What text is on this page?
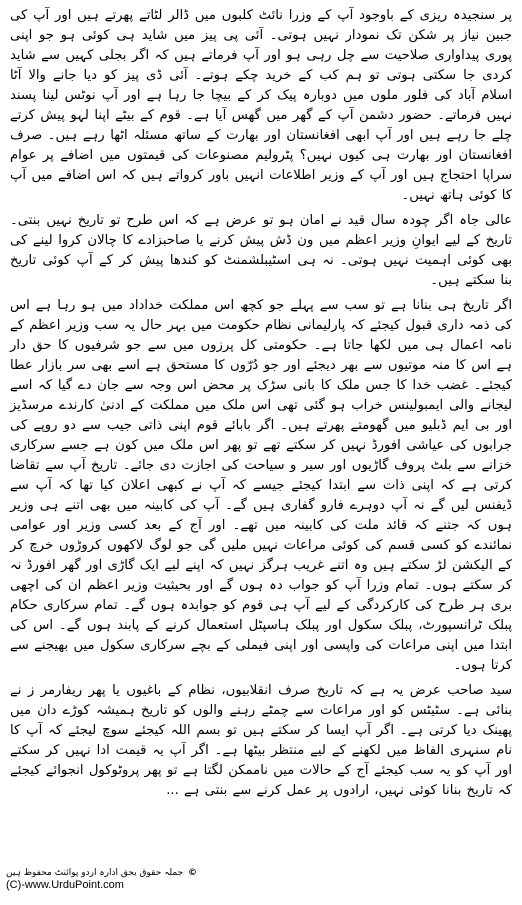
پر سنجیدہ ریزی کے باوجود آپ کے وزرا نائٹ کلبوں میں ڈالر لٹاتے پھرتے ہیں اور آپ کی جبین نیاز پر شکن تک نمودار نہیں ہوتی۔ آئی پی پیز میں شاید ہی کوئی ہو جو اپنی پوری پیداواری صلاحیت سے چل رہی ہو اور آپ فرماتے ہیں کہ اگر بجلی کہیں سے شاید کردی جا سکتی ہوتی تو ہم کب کے خرید چکے ہوتے۔ آئی ڈی پیز کو دیا جانے والا آٹا اسلام آباد کی فلور ملوں میں دوبارہ پیک کر کے بیچا جا رہا ہے اور آپ نوٹس لینا پسند نہیں فرماتے۔ حضور دشمن آپ کے گھر میں گھس آیا ہے۔ قوم کے بیٹے اپنا لہو پیش کرتے چلے جا رہے ہیں اور آپ ابھی افغانستان اور بھارت کے ساتھ مسئلہ اٹھا رہے ہیں۔ صرف افغانستان اور بھارت ہی کیوں نہیں؟ پٹرولیم مصنوعات کی قیمتوں میں اضافے پر عوام سراپا احتجاج ہیں اور آپ کے وزیر اطلاعات انہیں باور کرواتے ہیں کہ اس اضافے میں آپ کا کوئی ہاتھ نہیں۔

عالی جاہ اگر چودہ سال قید نے امان ہو تو عرض ہے کہ اس طرح تو تاریخ نہیں بنتی۔ تاریخ کے لیے ایوانِ وزیر اعظم میں ون ڈش پیش کرنے یا صاحبزادے کا چالان کروا لینے کی بھی کوئی اہمیت نہیں ہوتی۔ نہ ہی اسٹیبلشمنٹ کو کندھا پیش کر کے آپ کوئی تاریخ بنا سکتے ہیں۔

اگر تاریخ ہی بنانا ہے تو سب سے پہلے جو کچھ اس مملکت خداداد میں ہو رہا ہے اس کی ذمہ داری قبول کیجئے کہ پارلیمانی نظام حکومت میں بہر حال یہ سب وزیر اعظم کے نامہ اعمال ہی میں لکھا جاتا ہے۔ حکومتی کل پرزوں میں سے جو شرفیوں کا حق دار ہے اس کا منہ موتیوں سے بھر دیجئے اور جو دُرّوں کا مستحق ہے اسے بھی سر بازار عطا کیجئے۔ غضب خدا کا جس ملک کا بانی سڑک پر محض اس وجہ سے جان دے گیا کہ اسے لیجانے والی ایمبولینس خراب ہو گئی تھی اس ملک میں مملکت کے ادنیٰ کارندے مرسڈیز اور بی ایم ڈبلیو میں گھومتے پھرتے ہیں۔ اگر بابائے قوم اپنی ذاتی جیب سے دو روپے کی جرابوں کی عیاشی افورڈ نہیں کر سکتے تھے تو پھر اس ملک میں کون ہے جسے سرکاری خزانے سے بلٹ پروف گاڑیوں اور سیر و سیاحت کی اجازت دی جائے۔ تاریخ آپ سے تقاضا کرتی ہے کہ اپنی ذات سے ابتدا کیجئے جیسے کہ آپ نے کبھی اعلان کیا تھا کہ آپ سے ڈیفنس لیں گے نہ آپ دوہرے فارو گفاری ہیں گے۔ آپ کی کابینہ میں بھی اتنے ہی وزیر ہوں کہ جتنے کہ قائد ملت کی کابینہ میں تھے۔ اور آج کے بعد کسی وزیر اور عوامی نمائندے کو کسی قسم کی کوئی مراعات نہیں ملیں گی جو لوگ لاکھوں کروڑوں خرچ کر کے الیکشن لڑ سکتے ہیں وہ اتنے غریب ہرگز نہیں کہ اپنے لیے ایک گاڑی اور گھر افورڈ نہ کر سکتے ہوں۔ تمام وزرا آپ کو جواب دہ ہوں گے اور بحیثیت وزیر اعظم ان کی اچھی بری ہر طرح کی کارکردگی کے لیے آپ ہی قوم کو جوابدہ ہوں گے۔ تمام سرکاری حکام پبلک ٹرانسپورٹ، پبلک سکول اور پبلک ہاسپٹل استعمال کرنے کے پابند ہوں گے۔ اس کی ابتدا میں اپنی مراعات کی واپسی اور اپنی فیملی کے بچے سرکاری سکول میں بھیجنے سے کرتا ہوں۔

سید صاحب عرض یہ ہے کہ تاریخ صرف انقلابیوں، نظام کے باغیوں یا پھر ریفارمر ز نے بنائی ہے۔ سٹیٹس کو اور مراعات سے چمٹے رہنے والوں کو تاریخ ہمیشہ کوڑے دان میں پھینک دیا کرتی ہے۔ اگر آپ ایسا کر سکتے ہیں تو بسم اللہ کیجئے سوچ لیجئے کہ آپ کا نام سنہری الفاظ میں لکھنے کے لیے منتظر بیٹھا ہے۔ اگر آپ یہ قیمت ادا نہیں کر سکتے اور آپ کو یہ سب کیجئے آج کے حالات میں ناممکن لگتا ہے تو پھر پروٹوکول انجوائے کیجئے کہ تاریخ بنانا کوئی نہیں، ارادوں پر عمل کرنے سے بنتی ہے ...

© جملہ حقوق بحق ادارہ اردو پوائنٹ محفوظ ہیں
(C)-www.UrduPoint.com
